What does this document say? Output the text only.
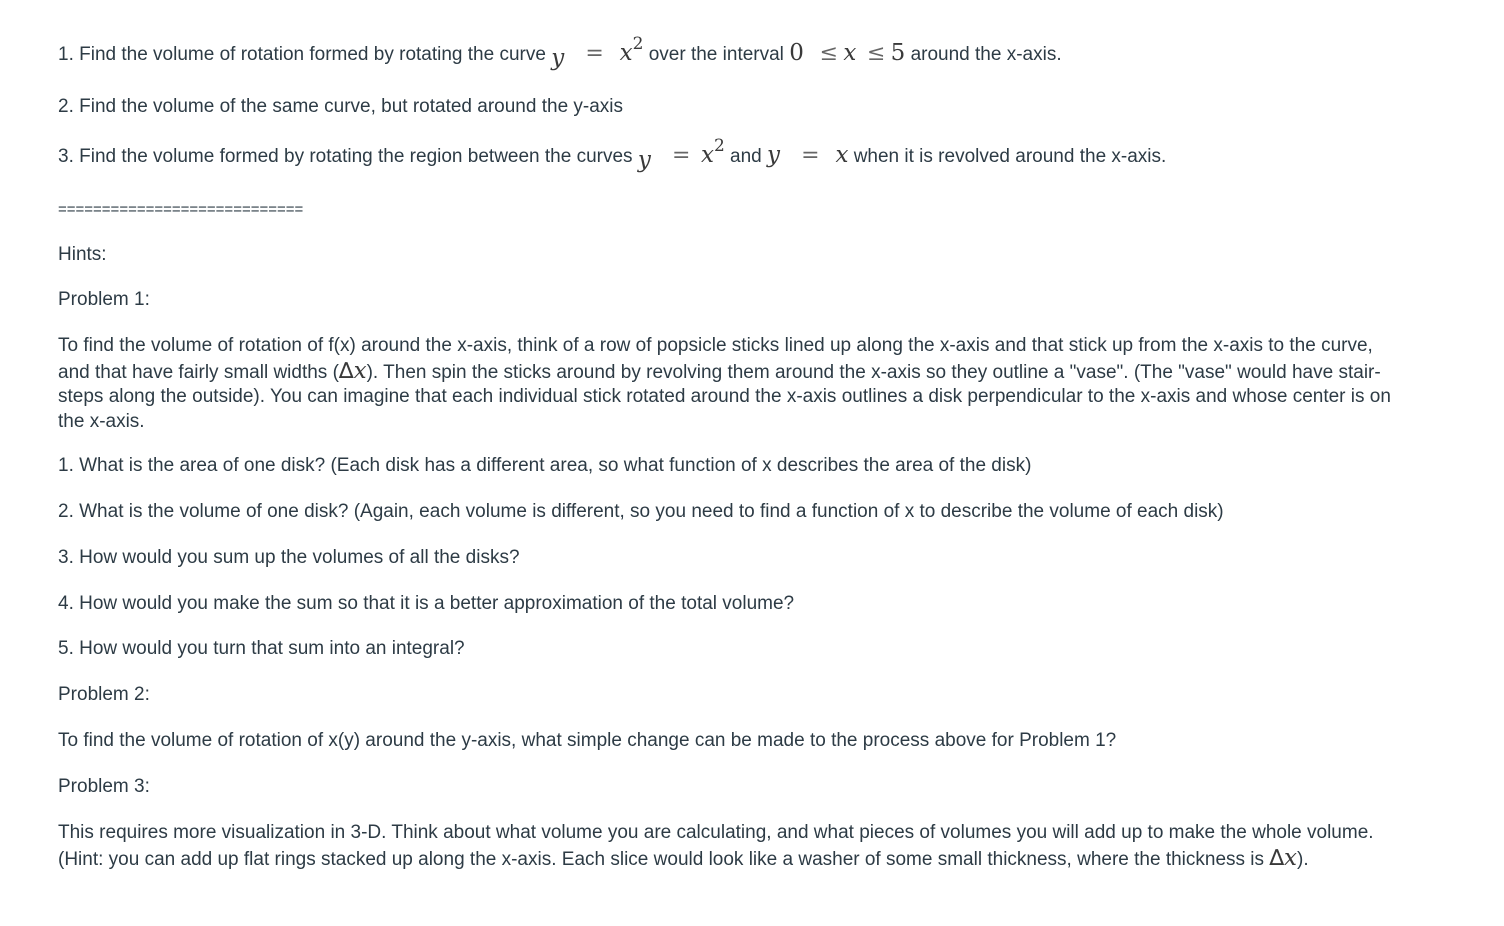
1. Find the volume of rotation formed by rotating the curve y = x2 over the interval 0 ≤ x ≤ 5 around the x-axis.
2. Find the volume of the same curve, but rotated around the y-axis
3. Find the volume formed by rotating the region between the curves y = x2 and y = x when it is revolved around the x-axis.
============================
Hints:
Problem 1:
To find the volume of rotation of f(x) around the x-axis, think of a row of popsicle sticks lined up along the x-axis and that stick up from the x-axis to the curve, and that have fairly small widths (∆x). Then spin the sticks around by revolving them around the x-axis so they outline a "vase". (The "vase" would have stair-steps along the outside). You can imagine that each individual stick rotated around the x-axis outlines a disk perpendicular to the x-axis and whose center is on the x-axis.
1. What is the area of one disk? (Each disk has a different area, so what function of x describes the area of the disk)
2. What is the volume of one disk? (Again, each volume is different, so you need to find a function of x to describe the volume of each disk)
3. How would you sum up the volumes of all the disks?
4. How would you make the sum so that it is a better approximation of the total volume?
5. How would you turn that sum into an integral?
Problem 2:
To find the volume of rotation of x(y) around the y-axis, what simple change can be made to the process above for Problem 1?
Problem 3:
This requires more visualization in 3-D. Think about what volume you are calculating, and what pieces of volumes you will add up to make the whole volume. (Hint: you can add up flat rings stacked up along the x-axis. Each slice would look like a washer of some small thickness, where the thickness is ∆x).
